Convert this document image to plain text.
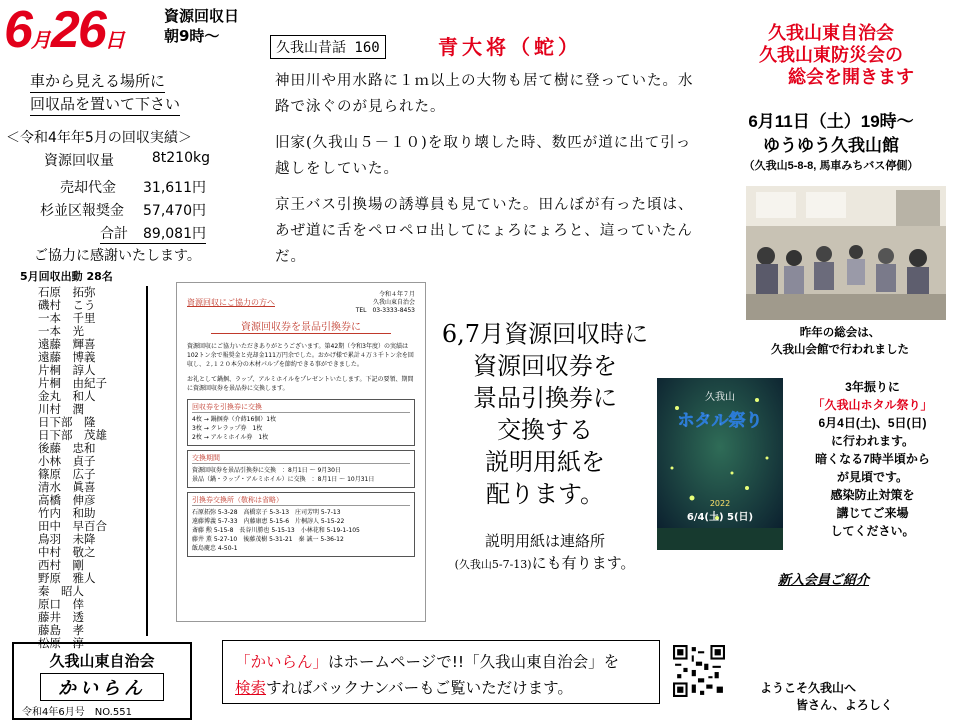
6月26日
資源回収日
朝9時～
車から見える場所に
回収品を置いて下さい
＜令和4年年5月の回収実績＞
資源回収量	8t210kg
売却代金 31,611円
杉並区報奨金 57,470円
合計 89,081円
ご協力に感謝いたします。
5月回収出動 28名
石原　拓弥
磯村　こう
一本　千里
一本　光
遠藤　輝喜
遠藤　博義
片桐　諄人
片桐　由紀子
金丸　和人
川村　潤
日下部　隆
日下部　茂雄
後藤　忠和
小林　貞子
篠原　広子
清水　眞喜
高橋　伸彦
竹内　和助
田中　早百合
鳥羽　未降
中村　敬之
西村　剛
野原　雅人
秦　昭人
原口　倖
藤井　透
藤島　孝
松原　淳
久我山東自治会
かいらん
令和4年6月号　NO.551
久我山昔話 160	青大将（蛇）

神田川や用水路に１ｍ以上の大物も居て樹に登っていた。水路で泳ぐのが見られた。

旧家(久我山５－１０)を取り壊した時、数匹が道に出て引っ越しをしていた。

京王バス引換場の誘導員も見ていた。田んぼが有った頃は、あぜ道に舌をペロペロ出してにょろにょろと、這っていたんだ。

令和４年７月
久我山東自治会
TEL　03-3333-8453
資源回収にご協力の方へ
資源回収券を景品引換券に
資源回収にご協力いただきありがとうございます。第42期（令和3年度）の実績は102トン余で報奨金と売却金111万円余でした。おかげ様で累計４万３千トン余を回収し、２,１２０本分の木材パルプを節約できる事ができました。
お礼として鍋掴、ラップ、アルミホイルをプレゼントいたします。下記の要領、期間に資源回収券を景品券に交換します。
回収券を引換券に交換
4枚 → 鍋掴券（介蒔16個）1枚
3枚 → クレラップ券　1枚
2枚 → アルミホイル券　1枚
交換期間
資源回収券を景品引換券に交換　：8月1日 〜 9月30日
景品（鍋・ラップ・アルミホイル）に交換　：8月1日 〜 10月31日
引換券交換所（敬称は省略）
石原拓弥 5-3-28　高橋京子 5-3-13　庄司芳明 5-7-13
遠藤博義 5-7-33　内藤康恵 5-15-6　片桐諄人 5-15-22
斎藤 勲 5-15-8　長谷川勝也 5-15-13　小林花和 5-19-1-105
藤井 薫 5-27-10　後藤茂樹 5-31-21　秦 誠一 5-36-12
飯島慶忠 4-50-1
6,7月資源回収時に
資源回収券を
景品引換券に
交換する
説明用紙を
配ります。
説明用紙は連絡所
(久我山5-7-13)にも有ります。
「かいらん」はホームページで!!「久我山東自治会」を
検索すればバックナンバーもご覧いただけます。
久我山東自治会
久我山東防災会の
総会を開きます
6月11日（土）19時～
ゆうゆう久我山館
（久我山5-8-8, 馬車みちバス停側）
昨年の総会は、
久我山会館で行われました
久我山
ホタル祭り
2022
6/4(土) 5(日)
3年振りに
「久我山ホタル祭り」
6月4日(土)、5日(日)
に行われます。
暗くなる7時半頃から
が見頃です。
感染防止対策を
講じてご来場
してください。
新入会員ご紹介
ようこそ久我山へ
皆さん、よろしく
